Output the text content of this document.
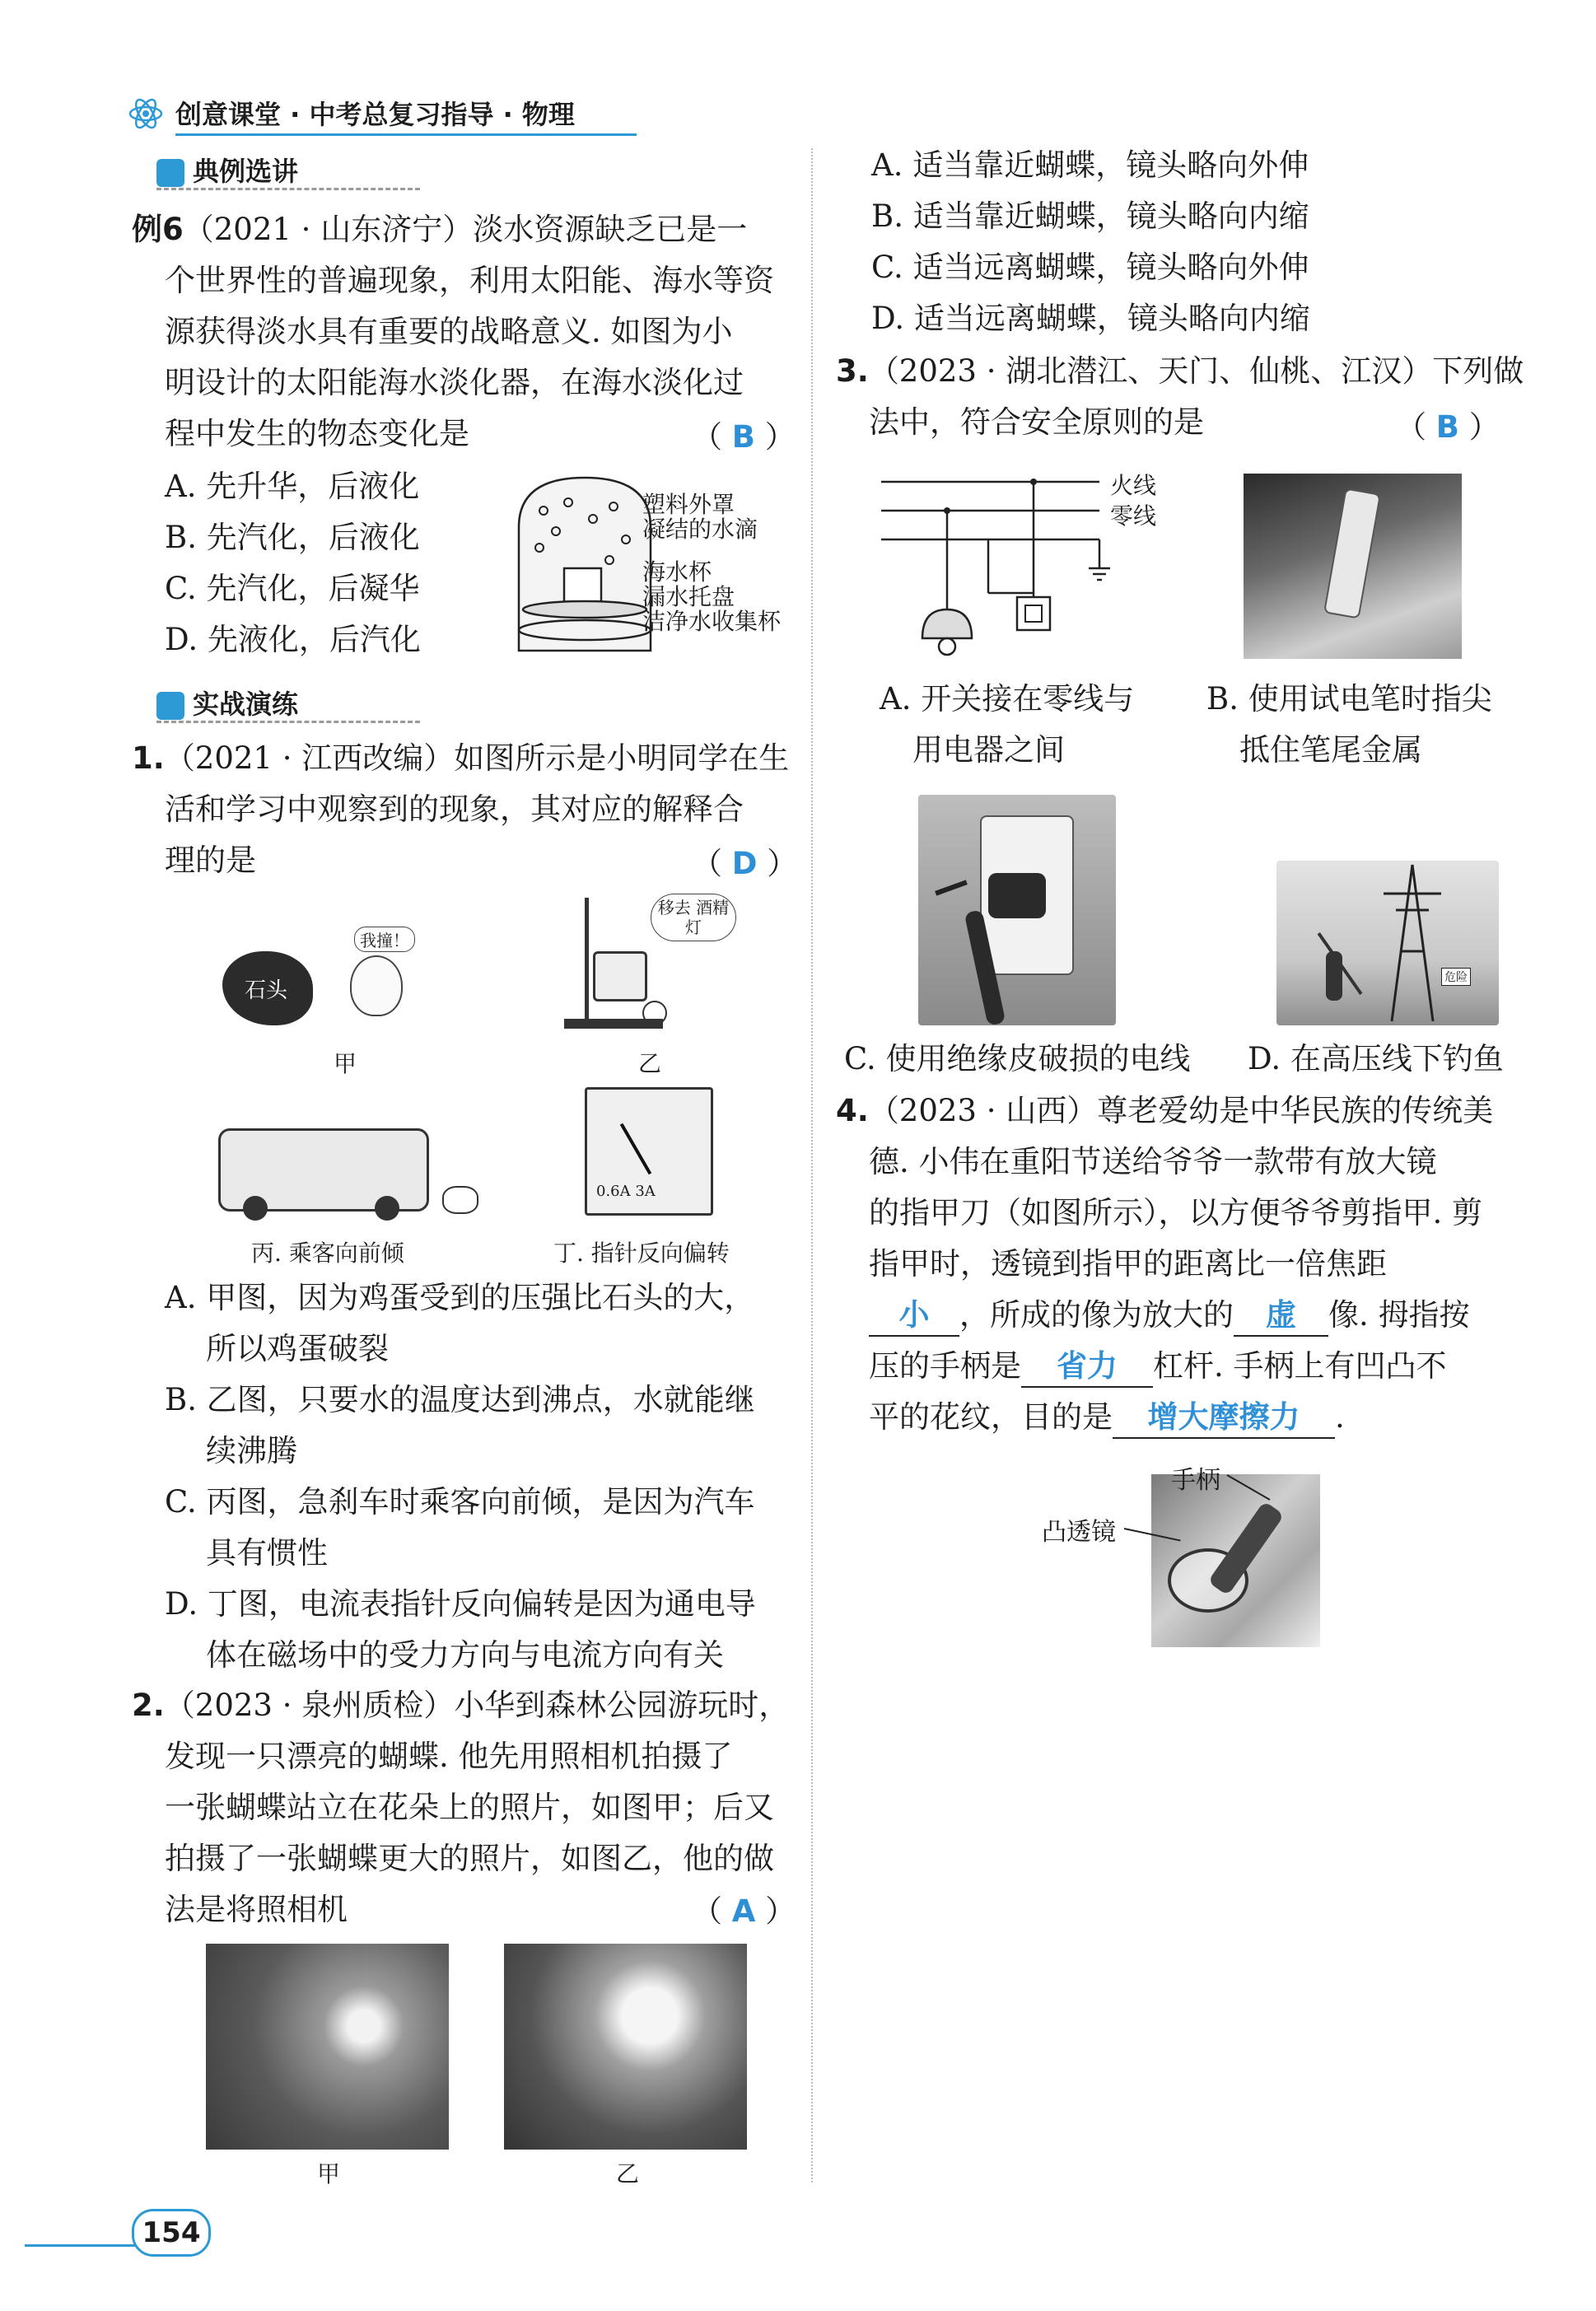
创意课堂 · 中考总复习指导 · 物理
典例选讲
例6（2021 · 山东济宁）淡水资源缺乏已是一
个世界性的普遍现象，利用太阳能、海水等资
源获得淡水具有重要的战略意义. 如图为小
明设计的太阳能海水淡化器，在海水淡化过
程中发生的物态变化是	（ B ）
A. 先升华，后液化
B. 先汽化，后液化
C. 先汽化，后凝华
D. 先液化，后汽化
塑料外罩
凝结的水滴
海水杯
漏水托盘
洁净水收集杯
实战演练
1.（2021 · 江西改编）如图所示是小明同学在生
活和学习中观察到的现象，其对应的解释合
理的是	（ D ）
石头
我撞！
甲
移去 酒精灯
乙
丙. 乘客向前倾
0.6A 3A
丁. 指针反向偏转
A. 甲图，因为鸡蛋受到的压强比石头的大，
所以鸡蛋破裂
B. 乙图，只要水的温度达到沸点，水就能继
续沸腾
C. 丙图，急刹车时乘客向前倾，是因为汽车
具有惯性
D. 丁图，电流表指针反向偏转是因为通电导
体在磁场中的受力方向与电流方向有关
2.（2023 · 泉州质检）小华到森林公园游玩时，
发现一只漂亮的蝴蝶. 他先用照相机拍摄了
一张蝴蝶站立在花朵上的照片，如图甲；后又
拍摄了一张蝴蝶更大的照片，如图乙，他的做
法是将照相机	（ A ）
甲	乙
A. 适当靠近蝴蝶，镜头略向外伸
B. 适当靠近蝴蝶，镜头略向内缩
C. 适当远离蝴蝶，镜头略向外伸
D. 适当远离蝴蝶，镜头略向内缩
3.（2023 · 湖北潜江、天门、仙桃、江汉）下列做
法中，符合安全原则的是	（ B ）
火线
零线
A. 开关接在零线与
用电器之间
B. 使用试电笔时指尖
抵住笔尾金属
危险
C. 使用绝缘皮破损的电线 D. 在高压线下钓鱼
4.（2023 · 山西）尊老爱幼是中华民族的传统美
德. 小伟在重阳节送给爷爷一款带有放大镜
的指甲刀（如图所示），以方便爷爷剪指甲. 剪
指甲时，透镜到指甲的距离比一倍焦距
小 ，所成的像为放大的 虚 像. 拇指按
压的手柄是 省力 杠杆. 手柄上有凹凸不
平的花纹，目的是 增大摩擦力 .
手柄
凸透镜
154
